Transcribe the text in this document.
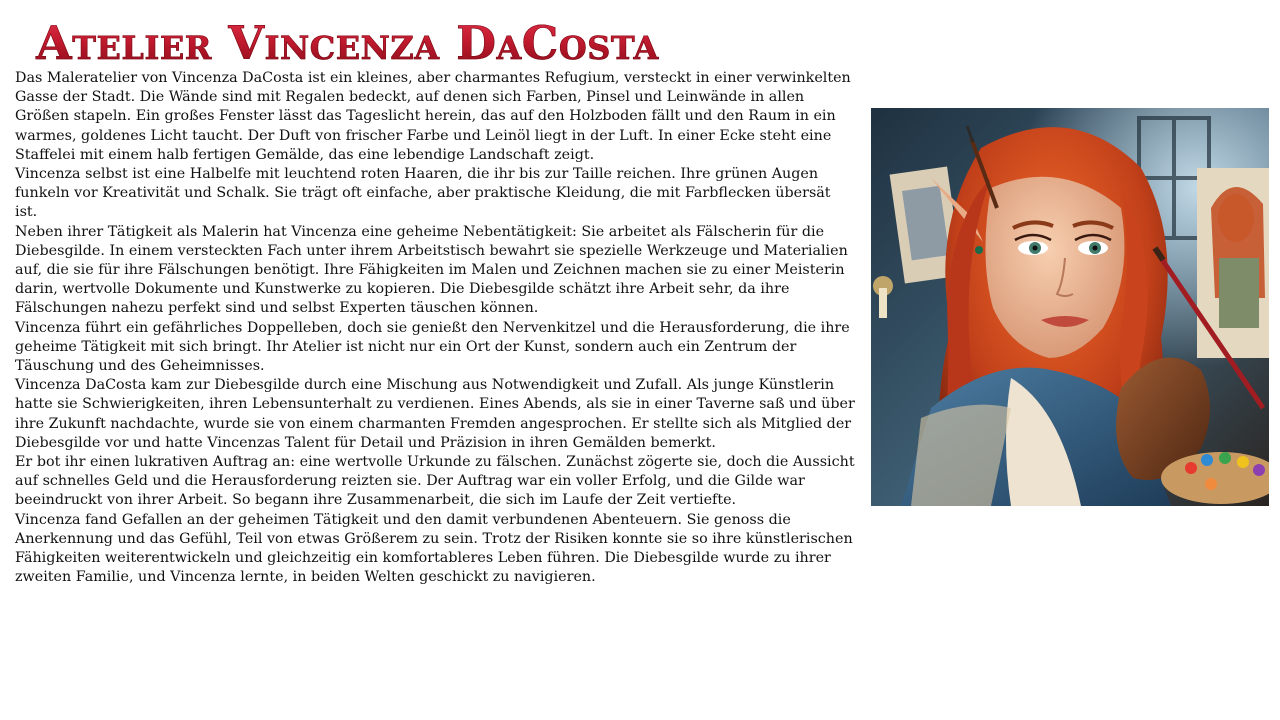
Atelier Vincenza DaCosta

Das Maleratelier von Vincenza DaCosta ist ein kleines, aber charmantes Refugium, versteckt in einer verwinkelten Gasse der Stadt. Die Wände sind mit Regalen bedeckt, auf denen sich Farben, Pinsel und Leinwände in allen Größen stapeln. Ein großes Fenster lässt das Tageslicht herein, das auf den Holzboden fällt und den Raum in ein warmes, goldenes Licht taucht. Der Duft von frischer Farbe und Leinöl liegt in der Luft. In einer Ecke steht eine Staffelei mit einem halb fertigen Gemälde, das eine lebendige Landschaft zeigt.

Vincenza selbst ist eine Halbelfe mit leuchtend roten Haaren, die ihr bis zur Taille reichen. Ihre grünen Augen funkeln vor Kreativität und Schalk. Sie trägt oft einfache, aber praktische Kleidung, die mit Farbflecken übersät ist.

Neben ihrer Tätigkeit als Malerin hat Vincenza eine geheime Nebentätigkeit: Sie arbeitet als Fälscherin für die Diebesgilde. In einem versteckten Fach unter ihrem Arbeitstisch bewahrt sie spezielle Werkzeuge und Materialien auf, die sie für ihre Fälschungen benötigt. Ihre Fähigkeiten im Malen und Zeichnen machen sie zu einer Meisterin darin, wertvolle Dokumente und Kunstwerke zu kopieren. Die Diebesgilde schätzt ihre Arbeit sehr, da ihre Fälschungen nahezu perfekt sind und selbst Experten täuschen können.

Vincenza führt ein gefährliches Doppelleben, doch sie genießt den Nervenkitzel und die Herausforderung, die ihre geheime Tätigkeit mit sich bringt. Ihr Atelier ist nicht nur ein Ort der Kunst, sondern auch ein Zentrum der Täuschung und des Geheimnisses.

Vincenza DaCosta kam zur Diebesgilde durch eine Mischung aus Notwendigkeit und Zufall. Als junge Künstlerin hatte sie Schwierigkeiten, ihren Lebensunterhalt zu verdienen. Eines Abends, als sie in einer Taverne saß und über ihre Zukunft nachdachte, wurde sie von einem charmanten Fremden angesprochen. Er stellte sich als Mitglied der Diebesgilde vor und hatte Vincenzas Talent für Detail und Präzision in ihren Gemälden bemerkt.

Er bot ihr einen lukrativen Auftrag an: eine wertvolle Urkunde zu fälschen. Zunächst zögerte sie, doch die Aussicht auf schnelles Geld und die Herausforderung reizten sie. Der Auftrag war ein voller Erfolg, und die Gilde war beeindruckt von ihrer Arbeit. So begann ihre Zusammenarbeit, die sich im Laufe der Zeit vertiefte.

Vincenza fand Gefallen an der geheimen Tätigkeit und den damit verbundenen Abenteuern. Sie genoss die Anerkennung und das Gefühl, Teil von etwas Größerem zu sein. Trotz der Risiken konnte sie so ihre künstlerischen Fähigkeiten weiterentwickeln und gleichzeitig ein komfortableres Leben führen. Die Diebesgilde wurde zu ihrer zweiten Familie, und Vincenza lernte, in beiden Welten geschickt zu navigieren.
